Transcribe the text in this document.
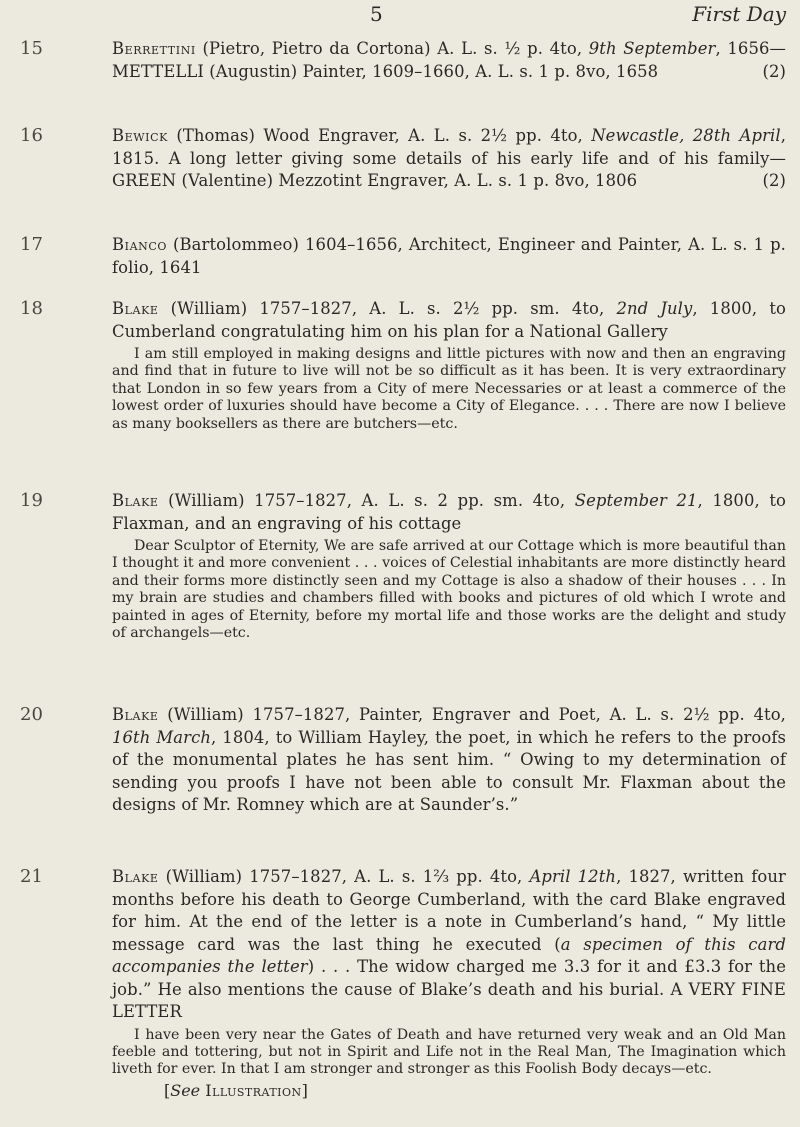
5	First Day
15	Berrettini (Pietro, Pietro da Cortona) A. L. s. ½ p. 4to, 9th September, 1656—METTELLI (Augustin) Painter, 1609–1660, A. L. s. 1 p. 8vo, 1658	(2)

16	Bewick (Thomas) Wood Engraver, A. L. s. 2½ pp. 4to, Newcastle, 28th April, 1815. A long letter giving some details of his early life and of his family—GREEN (Valentine) Mezzotint Engraver, A. L. s. 1 p. 8vo, 1806	(2)

17	Bianco (Bartolommeo) 1604–1656, Architect, Engineer and Painter, A. L. s. 1 p. folio, 1641

18	Blake (William) 1757–1827, A. L. s. 2½ pp. sm. 4to, 2nd July, 1800, to Cumberland congratulating him on his plan for a National Gallery

I am still employed in making designs and little pictures with now and then an engraving and find that in future to live will not be so difficult as it has been. It is very extraordinary that London in so few years from a City of mere Necessaries or at least a commerce of the lowest order of luxuries should have become a City of Elegance. . . . There are now I believe as many booksellers as there are butchers—etc.

19	Blake (William) 1757–1827, A. L. s. 2 pp. sm. 4to, September 21, 1800, to Flaxman, and an engraving of his cottage

Dear Sculptor of Eternity, We are safe arrived at our Cottage which is more beautiful than I thought it and more convenient . . . voices of Celestial inhabitants are more distinctly heard and their forms more distinctly seen and my Cottage is also a shadow of their houses . . . In my brain are studies and chambers filled with books and pictures of old which I wrote and painted in ages of Eternity, before my mortal life and those works are the delight and study of archangels—etc.

20	Blake (William) 1757–1827, Painter, Engraver and Poet, A. L. s. 2½ pp. 4to, 16th March, 1804, to William Hayley, the poet, in which he refers to the proofs of the monumental plates he has sent him. “ Owing to my determination of sending you proofs I have not been able to consult Mr. Flaxman about the designs of Mr. Romney which are at Saunder’s.”

21	Blake (William) 1757–1827, A. L. s. 1⅔ pp. 4to, April 12th, 1827, written four months before his death to George Cumberland, with the card Blake engraved for him. At the end of the letter is a note in Cumberland’s hand, “ My little message card was the last thing he executed (a specimen of this card accompanies the letter) . . . The widow charged me 3.3 for it and £3.3 for the job.” He also mentions the cause of Blake’s death and his burial. A VERY FINE LETTER

I have been very near the Gates of Death and have returned very weak and an Old Man feeble and tottering, but not in Spirit and Life not in the Real Man, The Imagination which liveth for ever. In that I am stronger and stronger as this Foolish Body decays—etc.

[See Illustration]
